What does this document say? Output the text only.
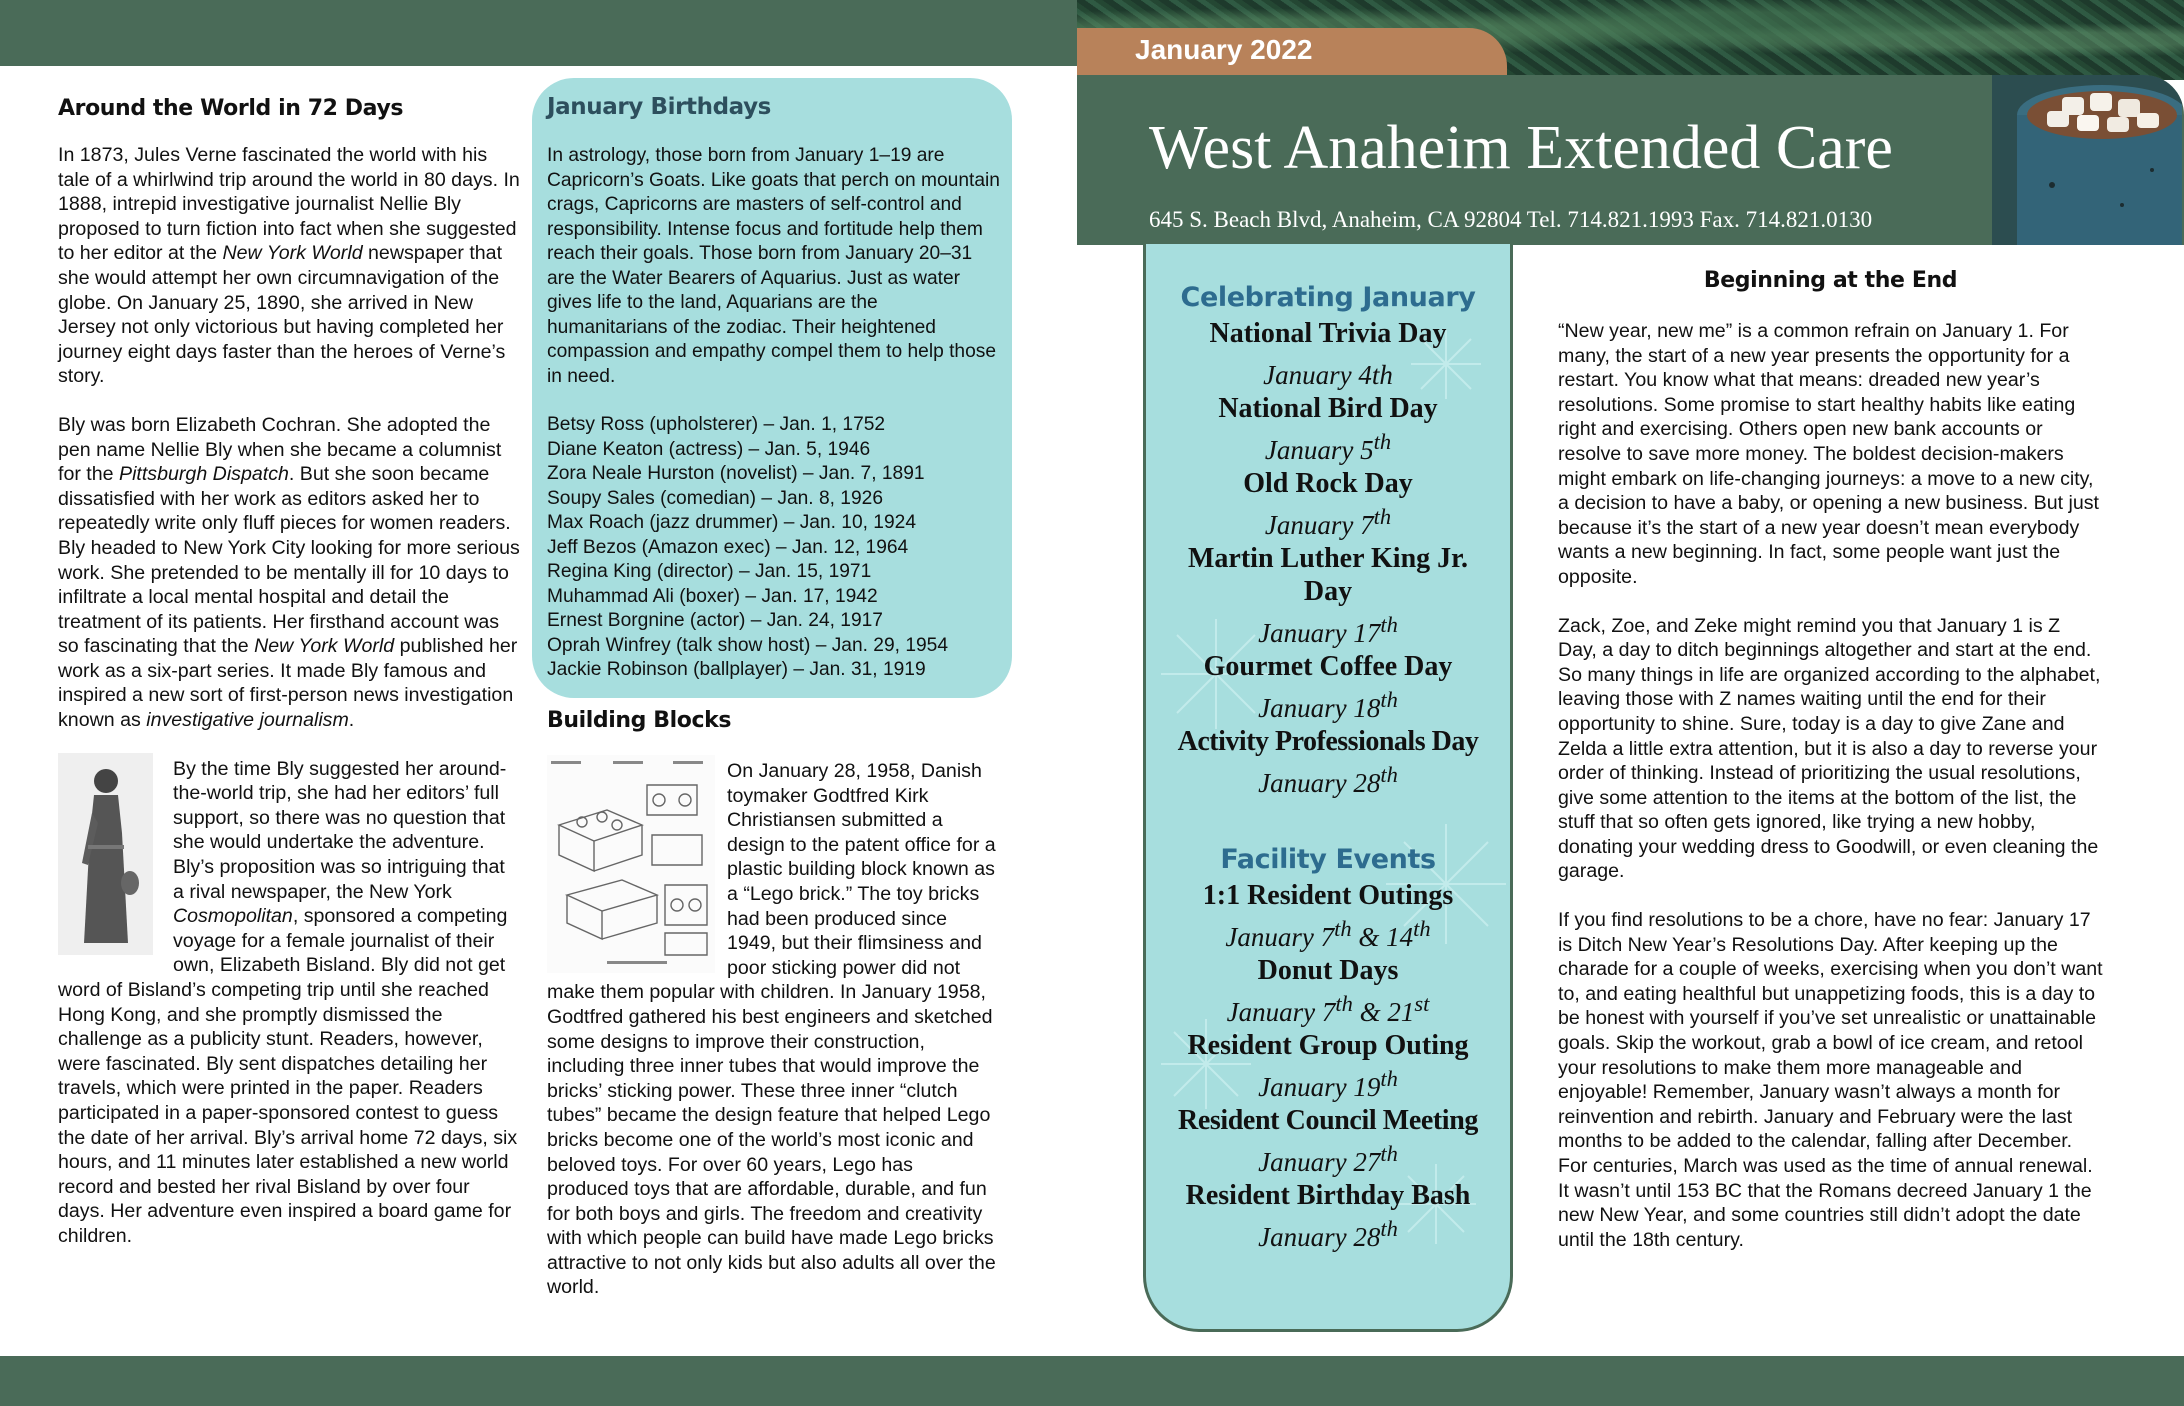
January 2022
West Anaheim Extended Care
645 S. Beach Blvd, Anaheim, CA 92804 Tel. 714.821.1993 Fax. 714.821.0130
Around the World in 72 Days

In 1873, Jules Verne fascinated the world with his tale of a whirlwind trip around the world in 80 days. In 1888, intrepid investigative journalist Nellie Bly proposed to turn fiction into fact when she suggested to her editor at the New York World newspaper that she would attempt her own circumnavigation of the globe. On January 25, 1890, she arrived in New Jersey not only victorious but having completed her journey eight days faster than the heroes of Verne’s story.

Bly was born Elizabeth Cochran. She adopted the pen name Nellie Bly when she became a columnist for the Pittsburgh Dispatch. But she soon became dissatisfied with her work as editors asked her to repeatedly write only fluff pieces for women readers. Bly headed to New York City looking for more serious work. She pretended to be mentally ill for 10 days to infiltrate a local mental hospital and detail the treatment of its patients. Her firsthand account was so fascinating that the New York World published her work as a six-part series. It made Bly famous and inspired a new sort of first-person news investigation known as investigative journalism.

By the time Bly suggested her around-the-world trip, she had her editors’ full support, so there was no question that she would undertake the adventure. Bly’s proposition was so intriguing that a rival newspaper, the New York Cosmopolitan, sponsored a competing voyage for a female journalist of their own, Elizabeth Bisland. Bly did not get word of Bisland’s competing trip until she reached Hong Kong, and she promptly dismissed the challenge as a publicity stunt. Readers, however, were fascinated. Bly sent dispatches detailing her travels, which were printed in the paper. Readers participated in a paper-sponsored contest to guess the date of her arrival. Bly’s arrival home 72 days, six hours, and 11 minutes later established a new world record and bested her rival Bisland by over four days. Her adventure even inspired a board game for children.

January Birthdays
In astrology, those born from January 1–19 are Capricorn’s Goats. Like goats that perch on mountain crags, Capricorns are masters of self-control and responsibility. Intense focus and fortitude help them reach their goals. Those born from January 20–31 are the Water Bearers of Aquarius. Just as water gives life to the land, Aquarians are the humanitarians of the zodiac. Their heightened compassion and empathy compel them to help those in need.
Betsy Ross (upholsterer) – Jan. 1, 1752
Diane Keaton (actress) – Jan. 5, 1946
Zora Neale Hurston (novelist) – Jan. 7, 1891
Soupy Sales (comedian) – Jan. 8, 1926
Max Roach (jazz drummer) – Jan. 10, 1924
Jeff Bezos (Amazon exec) – Jan. 12, 1964
Regina King (director) – Jan. 15, 1971
Muhammad Ali (boxer) – Jan. 17, 1942
Ernest Borgnine (actor) – Jan. 24, 1917
Oprah Winfrey (talk show host) – Jan. 29, 1954
Jackie Robinson (ballplayer) – Jan. 31, 1919
Building Blocks
On January 28, 1958, Danish toymaker Godtfred Kirk Christiansen submitted a design to the patent office for a plastic building block known as a “Lego brick.” The toy bricks had been produced since 1949, but their flimsiness and poor sticking power did not make them popular with children. In January 1958, Godtfred gathered his best engineers and sketched some designs to improve their construction, including three inner tubes that would improve the bricks’ sticking power. These three inner “clutch tubes” became the design feature that helped Lego bricks become one of the world’s most iconic and beloved toys. For over 60 years, Lego has produced toys that are affordable, durable, and fun for both boys and girls. The freedom and creativity with which people can build have made Lego bricks attractive to not only kids but also adults all over the world.
Celebrating January
National Trivia Day
January 4th
National Bird Day
January 5th
Old Rock Day
January 7th
Martin Luther King Jr. Day
January 17th
Gourmet Coffee Day
January 18th
Activity Professionals Day
January 28th
Facility Events
1:1 Resident Outings
January 7th & 14th
Donut Days
January 7th & 21st
Resident Group Outing
January 19th
Resident Council Meeting
January 27th
Resident Birthday Bash
January 28th
Beginning at the End

“New year, new me” is a common refrain on January 1. For many, the start of a new year presents the opportunity for a restart. You know what that means: dreaded new year’s resolutions. Some promise to start healthy habits like eating right and exercising. Others open new bank accounts or resolve to save more money. The boldest decision-makers might embark on life-changing journeys: a move to a new city, a decision to have a baby, or opening a new business. But just because it’s the start of a new year doesn’t mean everybody wants a new beginning. In fact, some people want just the opposite.

Zack, Zoe, and Zeke might remind you that January 1 is Z Day, a day to ditch beginnings altogether and start at the end. So many things in life are organized according to the alphabet, leaving those with Z names waiting until the end for their opportunity to shine. Sure, today is a day to give Zane and Zelda a little extra attention, but it is also a day to reverse your order of thinking. Instead of prioritizing the usual resolutions, give some attention to the items at the bottom of the list, the stuff that so often gets ignored, like trying a new hobby, donating your wedding dress to Goodwill, or even cleaning the garage.

If you find resolutions to be a chore, have no fear: January 17 is Ditch New Year’s Resolutions Day. After keeping up the charade for a couple of weeks, exercising when you don’t want to, and eating healthful but unappetizing foods, this is a day to be honest with yourself if you’ve set unrealistic or unattainable goals. Skip the workout, grab a bowl of ice cream, and retool your resolutions to make them more manageable and enjoyable! Remember, January wasn’t always a month for reinvention and rebirth. January and February were the last months to be added to the calendar, falling after December. For centuries, March was used as the time of annual renewal. It wasn’t until 153 BC that the Romans decreed January 1 the new New Year, and some countries still didn’t adopt the date until the 18th century.
